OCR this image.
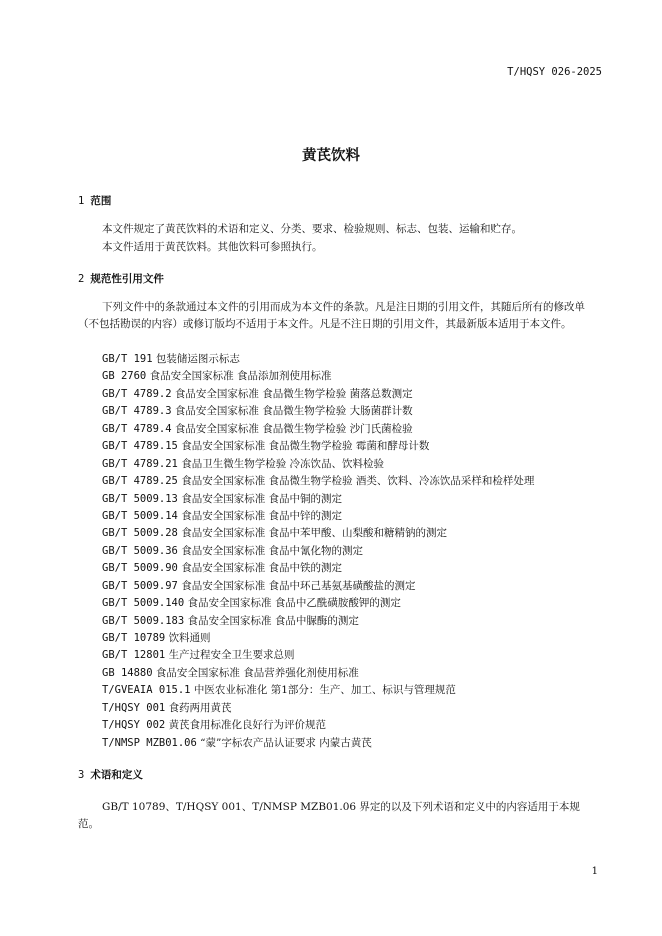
T/HQSY 026-2025
黄芪饮料
1 范围
本文件规定了黄芪饮料的术语和定义、分类、要求、检验规则、标志、包装、运输和贮存。
本文件适用于黄芪饮料。其他饮料可参照执行。
2 规范性引用文件
下列文件中的条款通过本文件的引用而成为本文件的条款。凡是注日期的引用文件，其随后所有的修改单（不包括勘误的内容）或修订版均不适用于本文件。凡是不注日期的引用文件，其最新版本适用于本文件。
GB/T 191 包装储运图示标志
GB 2760 食品安全国家标准 食品添加剂使用标准
GB/T 4789.2 食品安全国家标准 食品微生物学检验 菌落总数测定
GB/T 4789.3 食品安全国家标准 食品微生物学检验 大肠菌群计数
GB/T 4789.4 食品安全国家标准 食品微生物学检验 沙门氏菌检验
GB/T 4789.15 食品安全国家标准 食品微生物学检验 霉菌和酵母计数
GB/T 4789.21 食品卫生微生物学检验 冷冻饮品、饮料检验
GB/T 4789.25 食品安全国家标准 食品微生物学检验 酒类、饮料、冷冻饮品采样和检样处理
GB/T 5009.13 食品安全国家标准 食品中铜的测定
GB/T 5009.14 食品安全国家标准 食品中锌的测定
GB/T 5009.28 食品安全国家标准 食品中苯甲酸、山梨酸和糖精钠的测定
GB/T 5009.36 食品安全国家标准 食品中氰化物的测定
GB/T 5009.90 食品安全国家标准 食品中铁的测定
GB/T 5009.97 食品安全国家标准 食品中环己基氨基磺酸盐的测定
GB/T 5009.140 食品安全国家标准 食品中乙酰磺胺酸钾的测定
GB/T 5009.183 食品安全国家标准 食品中脲酶的测定
GB/T 10789 饮料通则
GB/T 12801 生产过程安全卫生要求总则
GB 14880 食品安全国家标准 食品营养强化剂使用标准
T/GVEAIA 015.1 中医农业标准化 第1部分：生产、加工、标识与管理规范
T/HQSY 001 食药两用黄芪
T/HQSY 002 黄芪食用标准化良好行为评价规范
T/NMSP MZB01.06 “蒙”字标农产品认证要求 内蒙古黄芪
3 术语和定义
GB/T 10789、T/HQSY 001、T/NMSP MZB01.06 界定的以及下列术语和定义中的内容适用于本规范。
1
